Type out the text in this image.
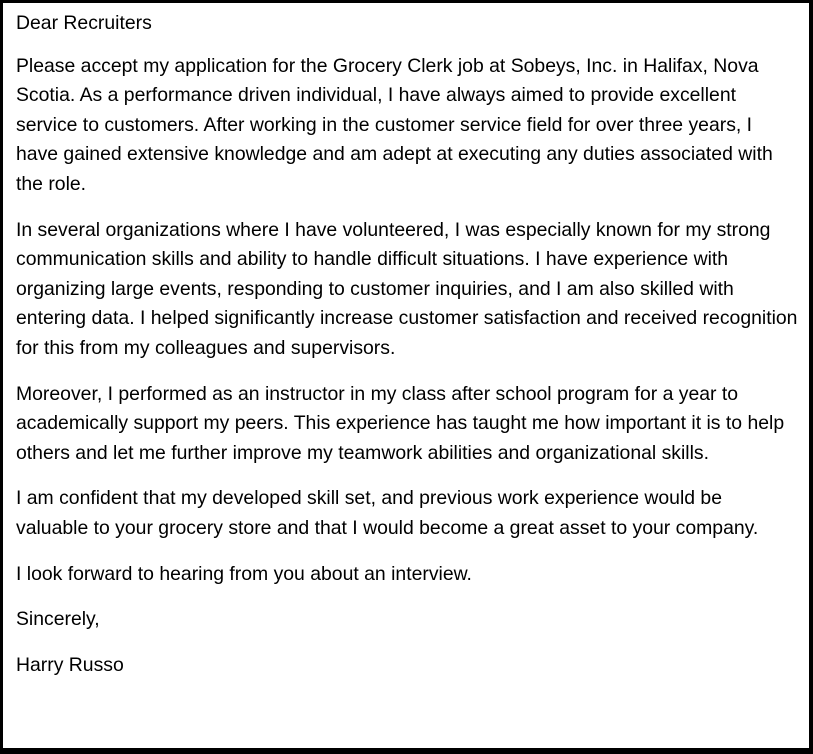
Dear Recruiters

Please accept my application for the Grocery Clerk job at Sobeys, Inc. in Halifax, Nova Scotia. As a performance driven individual, I have always aimed to provide excellent service to customers. After working in the customer service field for over three years, I have gained extensive knowledge and am adept at executing any duties associated with the role.

In several organizations where I have volunteered, I was especially known for my strong communication skills and ability to handle difficult situations. I have experience with organizing large events, responding to customer inquiries, and I am also skilled with entering data. I helped significantly increase customer satisfaction and received recognition for this from my colleagues and supervisors.

Moreover, I performed as an instructor in my class after school program for a year to academically support my peers. This experience has taught me how important it is to help others and let me further improve my teamwork abilities and organizational skills.

I am confident that my developed skill set, and previous work experience would be valuable to your grocery store and that I would become a great asset to your company.

I look forward to hearing from you about an interview.

Sincerely,

Harry Russo
